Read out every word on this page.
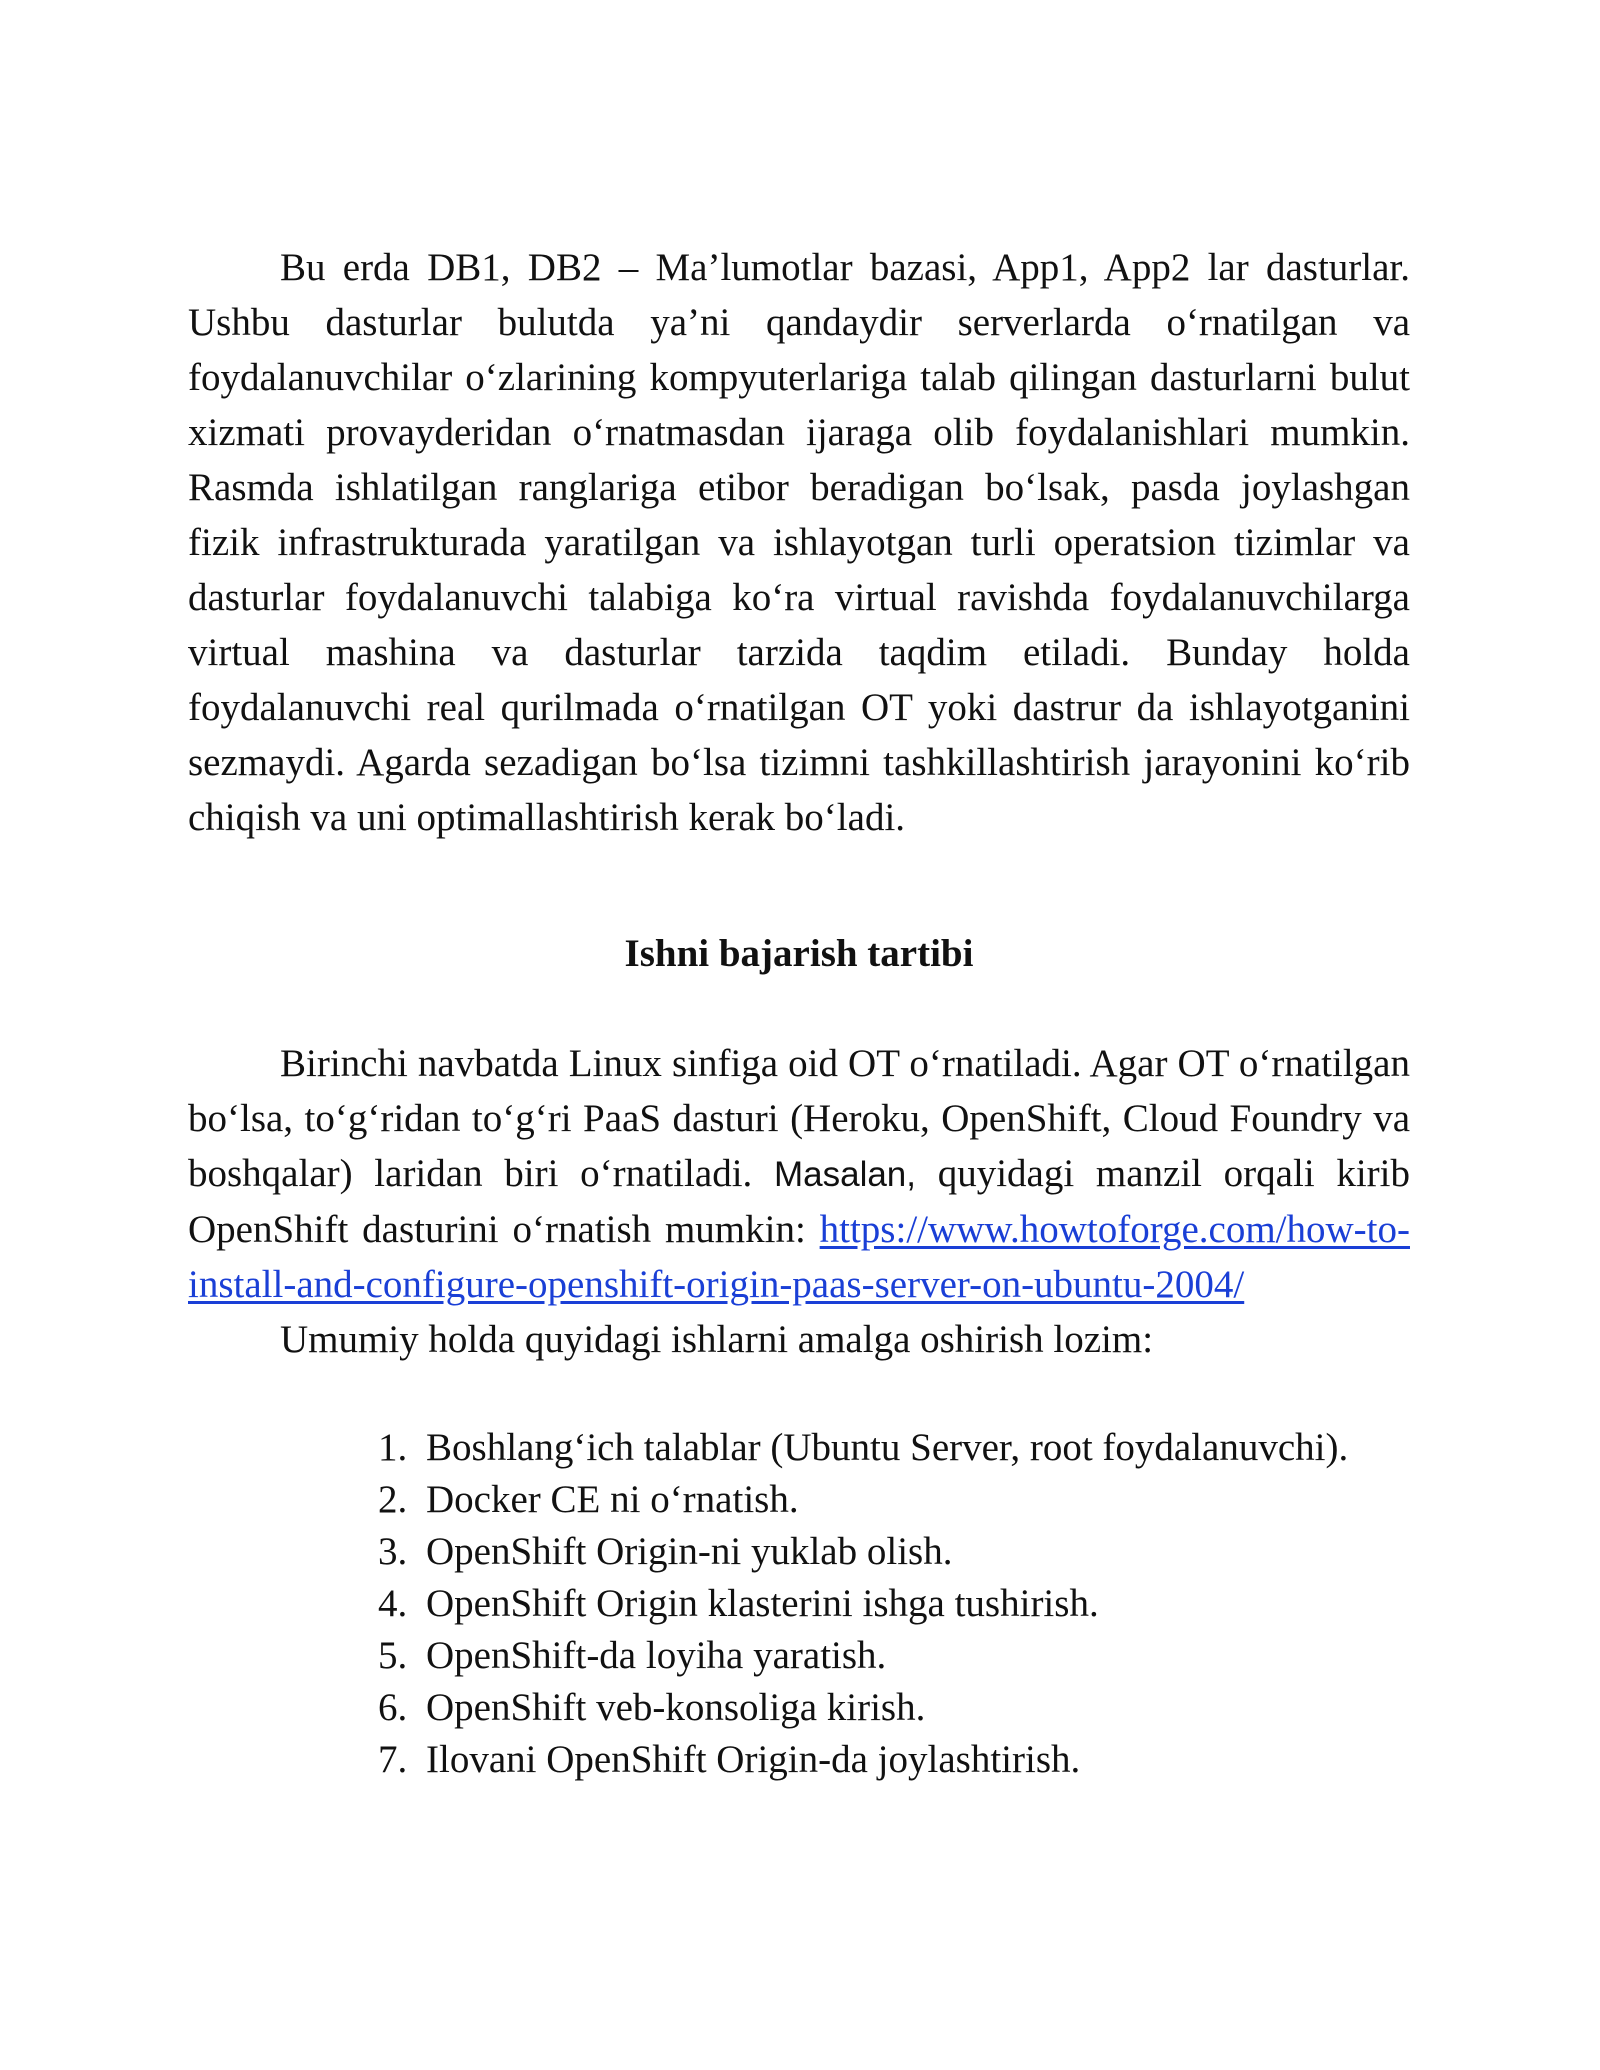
Bu erda DB1, DB2 – Ma’lumotlar bazasi, App1, App2 lar dasturlar. Ushbu dasturlar bulutda ya’ni qandaydir serverlarda o‘rnatilgan va foydalanuvchilar o‘zlarining kompyuterlariga talab qilingan dasturlarni bulut xizmati provayderidan o‘rnatmasdan ijaraga olib foydalanishlari mumkin. Rasmda ishlatilgan ranglariga etibor beradigan bo‘lsak, pasda joylashgan fizik infrastrukturada yaratilgan va ishlayotgan turli operatsion tizimlar va dasturlar foydalanuvchi talabiga ko‘ra virtual ravishda foydalanuvchilarga virtual mashina va dasturlar tarzida taqdim etiladi. Bunday holda foydalanuvchi real qurilmada o‘rnatilgan OT yoki dastrur da ishlayotganini sezmaydi. Agarda sezadigan bo‘lsa tizimni tashkillashtirish jarayonini ko‘rib chiqish va uni optimallashtirish kerak bo‘ladi.

Ishni bajarish tartibi

Birinchi navbatda Linux sinfiga oid OT o‘rnatiladi. Agar OT o‘rnatilgan bo‘lsa, to‘g‘ridan to‘g‘ri PaaS dasturi (Heroku, OpenShift, Cloud Foundry va boshqalar) laridan biri o‘rnatiladi. Masalan, quyidagi manzil orqali kirib OpenShift dasturini o‘rnatish mumkin: https://www.howtoforge.com/how-to-install-and-configure-openshift-origin-paas-server-on-ubuntu-2004/

Umumiy holda quyidagi ishlarni amalga oshirish lozim:

1. Boshlang‘ich talablar (Ubuntu Server, root foydalanuvchi).
2. Docker CE ni o‘rnatish.
3. OpenShift Origin-ni yuklab olish.
4. OpenShift Origin klasterini ishga tushirish.
5. OpenShift-da loyiha yaratish.
6. OpenShift veb-konsoliga kirish.
7. Ilovani OpenShift Origin-da joylashtirish.
